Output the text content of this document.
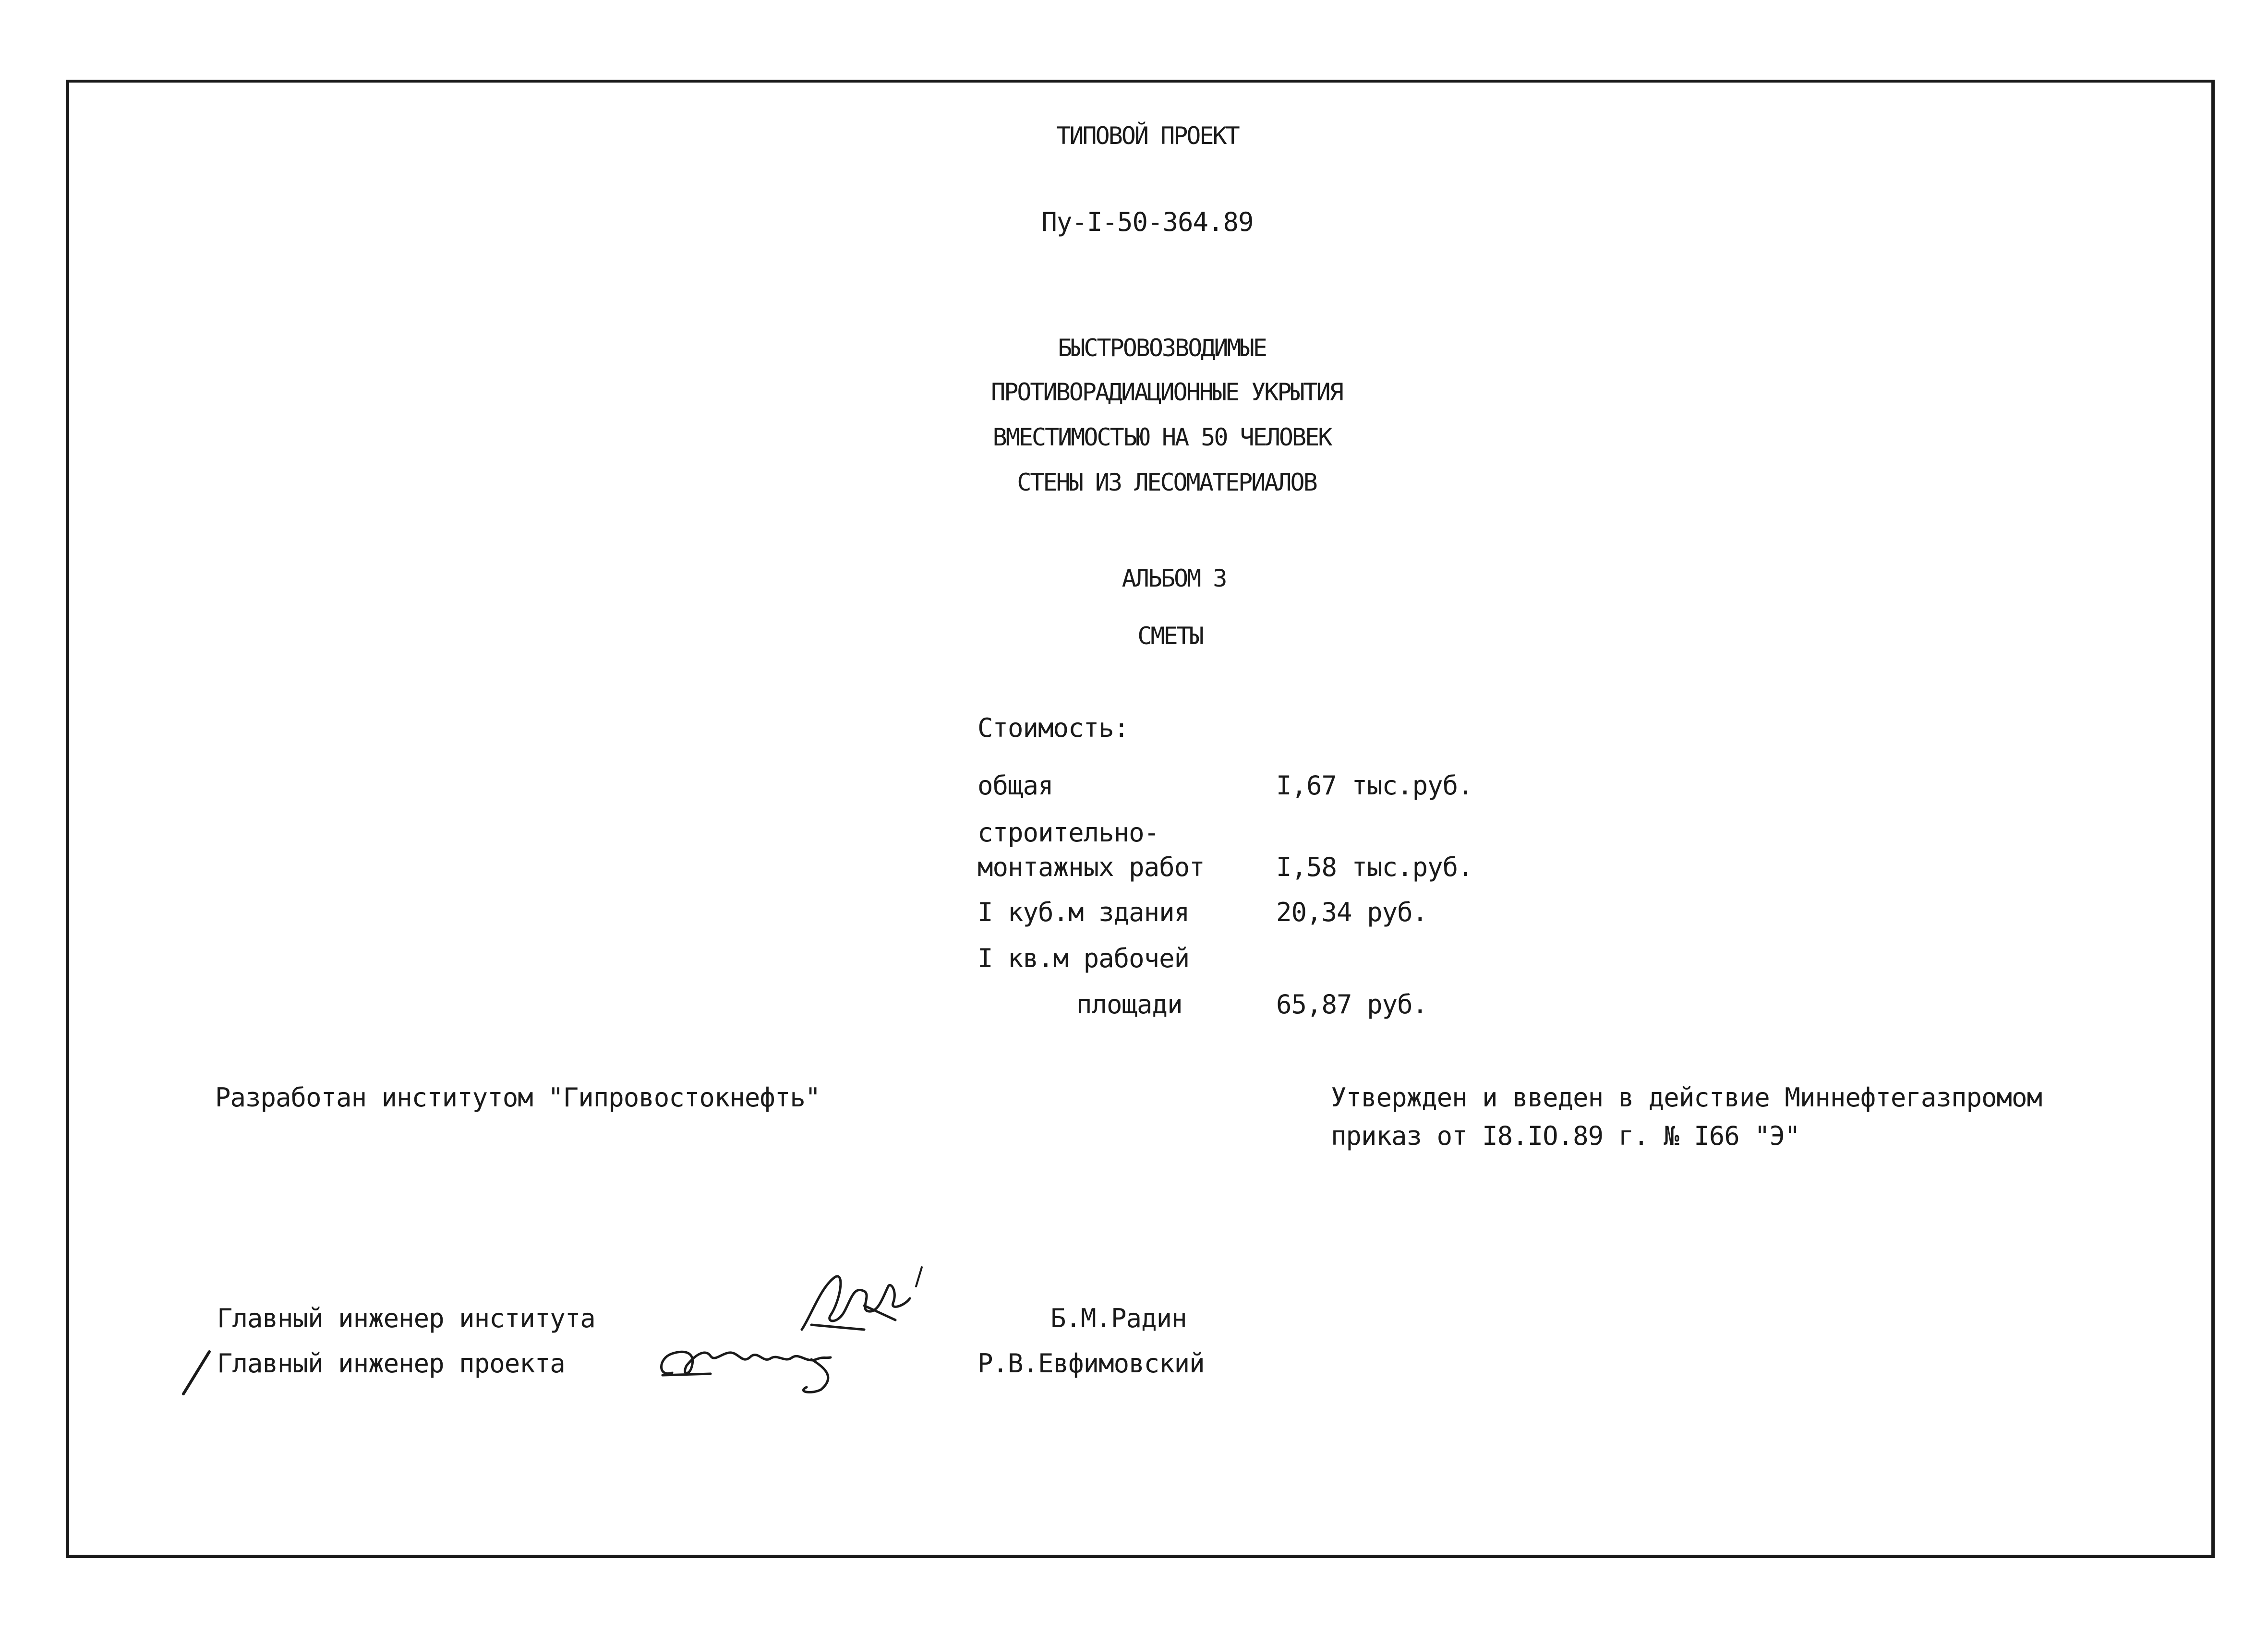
ТИПОВОЙ ПРОЕКТ
Пу-I-50-364.89
БЫСТРОВОЗВОДИМЫЕ
ПРОТИВОРАДИАЦИОННЫЕ УКРЫТИЯ
ВМЕСТИМОСТЬЮ НА 50 ЧЕЛОВЕК
СТЕНЫ ИЗ ЛЕСОМАТЕРИАЛОВ
АЛЬБОМ 3
СМЕТЫ
Стоимость:
общая	I,67 тыс.руб.
строительно-
монтажных работ	I,58 тыс.руб.
I куб.м здания	20,34 руб.
I кв.м рабочей
площади	65,87 руб.
Разработан институтом "Гипровостокнефть"	Утвержден и введен в действие Миннефтегазпромом
приказ от I8.IO.89 г. № I66 "Э"
Главный инженер института	Б.М.Радин
Главный инженер проекта	Р.В.Евфимовский
